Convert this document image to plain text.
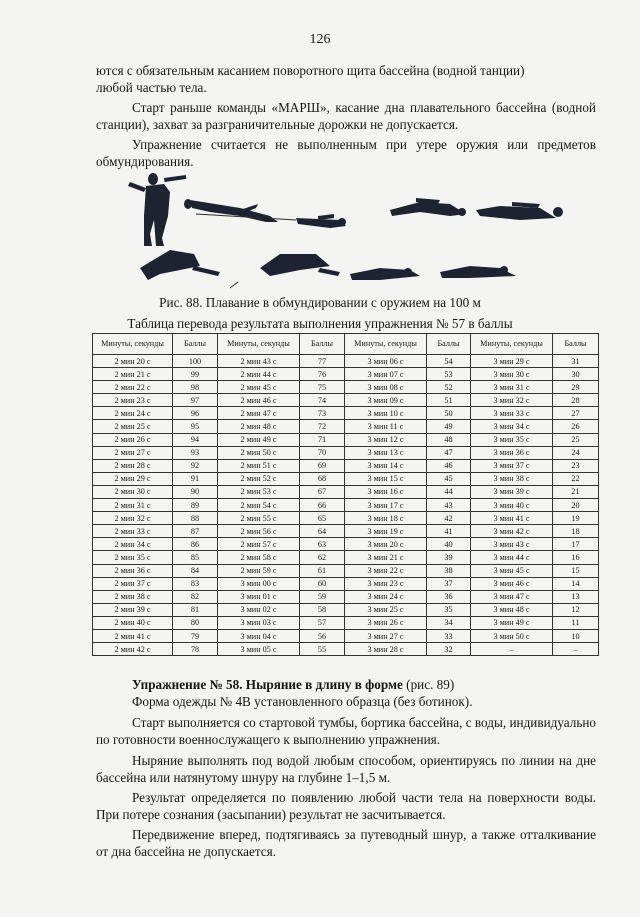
126

ются с обязательным касанием поворотного щита бассейна (водной танции)
любой частью тела.

Старт раньше команды «МАРШ», касание дна плавательного бассейна (водной станции), захват за разграничительные дорожки не допускается.

Упражнение считается не выполненным при утере оружия или предметов обмундирования.

Рис. 88. Плавание в обмундировании с оружием на 100 м
Таблица перевода результата выполнения упражнения № 57 в баллы
Минуты, секунды	Баллы	Минуты, секунды	Баллы	Минуты, секунды	Баллы	Минуты, секунды	Баллы
2 мин 20 с	100	2 мин 43 с	77	3 мин 06 с	54	3 мин 29 с	31
2 мин 21 с	99	2 мин 44 с	76	3 мин 07 с	53	3 мин 30 с	30
2 мин 22 с	98	2 мин 45 с	75	3 мин 08 с	52	3 мин 31 с	29
2 мин 23 с	97	2 мин 46 с	74	3 мин 09 с	51	3 мин 32 с	28
2 мин 24 с	96	2 мин 47 с	73	3 мин 10 с	50	3 мин 33 с	27
2 мин 25 с	95	2 мин 48 с	72	3 мин 11 с	49	3 мин 34 с	26
2 мин 26 с	94	2 мин 49 с	71	3 мин 12 с	48	3 мин 35 с	25
2 мин 27 с	93	2 мин 50 с	70	3 мин 13 с	47	3 мин 36 с	24
2 мин 28 с	92	2 мин 51 с	69	3 мин 14 с	46	3 мин 37 с	23
2 мин 29 с	91	2 мин 52 с	68	3 мин 15 с	45	3 мин 38 с	22
2 мин 30 с	90	2 мин 53 с	67	3 мин 16 с	44	3 мин 39 с	21
2 мин 31 с	89	2 мин 54 с	66	3 мин 17 с	43	3 мин 40 с	20
2 мин 32 с	88	2 мин 55 с	65	3 мин 18 с	42	3 мин 41 с	19
2 мин 33 с	87	2 мин 56 с	64	3 мин 19 с	41	3 мин 42 с	18
2 мин 34 с	86	2 мин 57 с	63	3 мин 20 с	40	3 мин 43 с	17
2 мин 35 с	85	2 мин 58 с	62	3 мин 21 с	39	3 мин 44 с	16
2 мин 36 с	84	2 мин 59 с	61	3 мин 22 с	38	3 мин 45 с	15
2 мин 37 с	83	3 мин 00 с	60	3 мин 23 с	37	3 мин 46 с	14
2 мин 38 с	82	3 мин 01 с	59	3 мин 24 с	36	3 мин 47 с	13
2 мин 39 с	81	3 мин 02 с	58	3 мин 25 с	35	3 мин 48 с	12
2 мин 40 с	80	3 мин 03 с	57	3 мин 26 с	34	3 мин 49 с	11
2 мин 41 с	79	3 мин 04 с	56	3 мин 27 с	33	3 мин 50 с	10
2 мин 42 с	78	3 мин 05 с	55	3 мин 28 с	32	–	–

Упражнение № 58. Ныряние в длину в форме (рис. 89)

Форма одежды № 4В установленного образца (без ботинок).

Старт выполняется со стартовой тумбы, бортика бассейна, с воды, индивидуально по готовности военнослужащего к выполнению упражнения.

Ныряние выполнять под водой любым способом, ориентируясь по линии на дне бассейна или натянутому шнуру на глубине 1–1,5 м.

Результат определяется по появлению любой части тела на поверхности воды. При потере сознания (засыпании) результат не засчитывается.

Передвижение вперед, подтягиваясь за путеводный шнур, а также отталкивание от дна бассейна не допускается.
